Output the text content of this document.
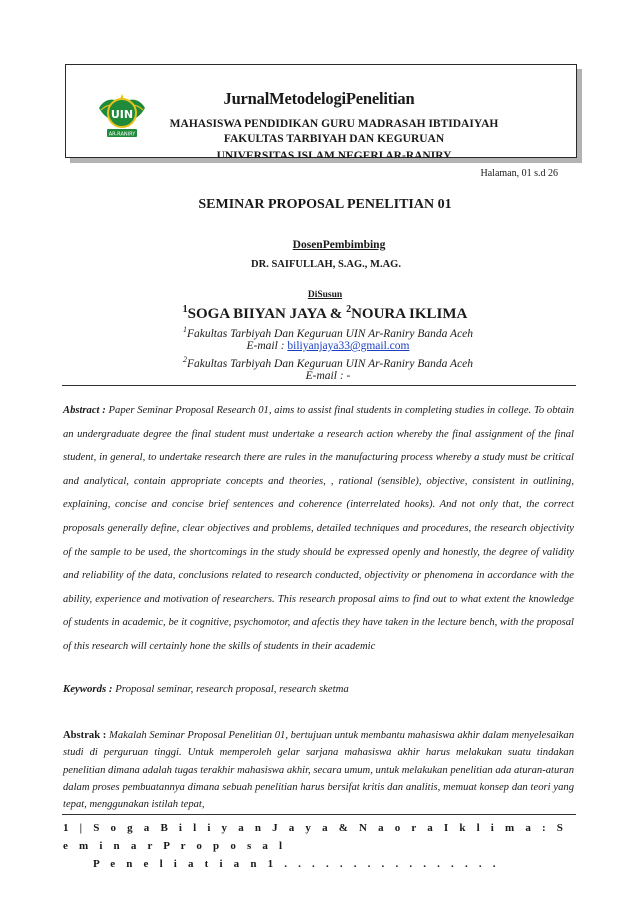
UIN
AR-RANIRY
JurnalMetodelogiPenelitian
MAHASISWA PENDIDIKAN GURU MADRASAH IBTIDAIYAH
FAKULTAS TARBIYAH DAN KEGURUAN
UNIVERSITAS ISLAM NEGERI AR-RANIRY
Halaman, 01 s.d 26
SEMINAR PROPOSAL PENELITIAN 01
DosenPembimbing
DR. SAIFULLAH, S.AG., M.AG.
DiSusun
$^1$SOGA BIIYAN JAYA & $^2$NOURA IKLIMA
$^1$Fakultas Tarbiyah Dan Keguruan UIN Ar-Raniry Banda Aceh
E-mail : biliyanjaya33@gmail.com
$^2$Fakultas Tarbiyah Dan Keguruan UIN Ar-Raniry Banda Aceh
E-mail : -
Abstract : Paper Seminar Proposal Research 01, aims to assist final students in completing studies in college. To obtain an undergraduate degree the final student must undertake a research action whereby the final assignment of the final student, in general, to undertake research there are rules in the manufacturing process whereby a study must be critical and analytical, contain appropriate concepts and theories, , rational (sensible), objective, consistent in outlining, explaining, concise and concise brief sentences and coherence (interrelated hooks). And not only that, the correct proposals generally define, clear objectives and problems, detailed techniques and procedures, the research objectivity of the sample to be used, the shortcomings in the study should be expressed openly and honestly, the degree of validity and reliability of the data, conclusions related to research conducted, objectivity or phenomena in accordance with the ability, experience and motivation of researchers. This research proposal aims to find out to what extent the knowledge of students in academic, be it cognitive, psychomotor, and afectis they have taken in the lecture bench, with the proposal of this research will certainly hone the skills of students in their academic
Keywords : Proposal seminar, research proposal, research sketma
Abstrak : Makalah Seminar Proposal Penelitian 01, bertujuan untuk membantu mahasiswa akhir dalam menyelesaikan studi di perguruan tinggi. Untuk memperoleh gelar sarjana mahasiswa akhir harus melakukan suatu tindakan penelitian dimana adalah tugas terakhir mahasiswa akhir, secara umum, untuk melakukan penelitian ada aturan-aturan dalam proses pembuatannya dimana sebuah penelitian harus bersifat kritis dan analitis, memuat konsep dan teori yang tepat, menggunakan istilah tepat,
1 | S o g a B i l i y a n J a y a & N a o r a I k l i m a : S e m i n a r P r o p o s a l
P e n e l i a t i a n 1 . . . . . . . . . . . . . . . .
